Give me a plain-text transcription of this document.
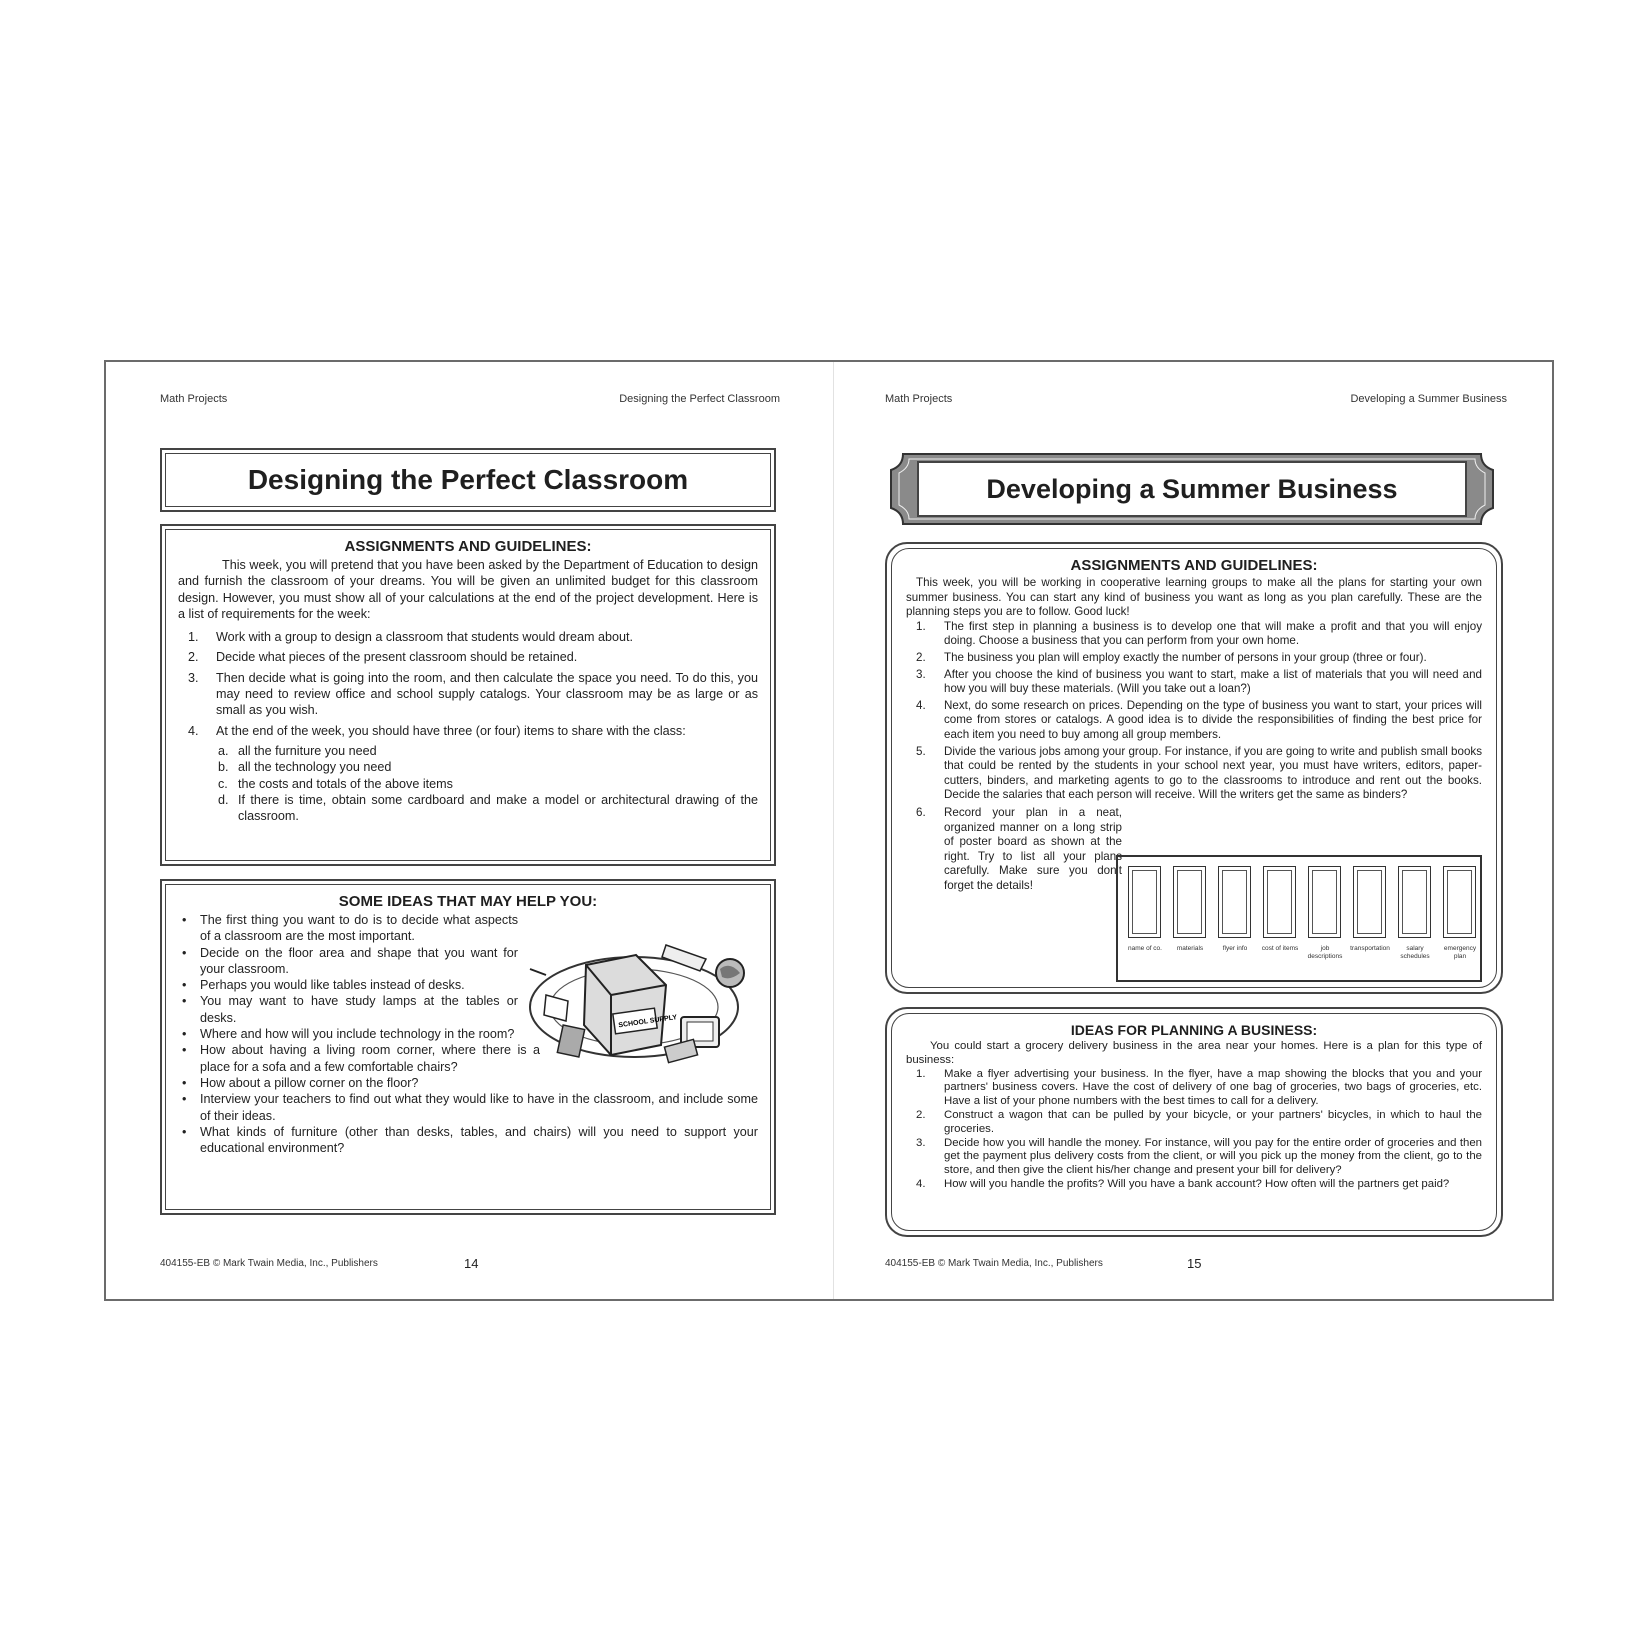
Math Projects	Designing the Perfect Classroom
Designing the Perfect Classroom
ASSIGNMENTS AND GUIDELINES:
This week, you will pretend that you have been asked by the Department of Education to design and furnish the classroom of your dreams. You will be given an unlimited budget for this classroom design. However, you must show all of your calculations at the end of the project development. Here is a list of requirements for the week:
1. Work with a group to design a classroom that students would dream about.
2. Decide what pieces of the present classroom should be retained.
3. Then decide what is going into the room, and then calculate the space you need. To do this, you may need to review office and school supply catalogs. Your classroom may be as large or as small as you wish.
4. At the end of the week, you should have three (or four) items to share with the class:
a. all the furniture you need
b. all the technology you need
c. the costs and totals of the above items
d. If there is time, obtain some cardboard and make a model or architectural drawing of the classroom.
SOME IDEAS THAT MAY HELP YOU:
• The first thing you want to do is to decide what aspects of a classroom are the most important.
• Decide on the floor area and shape that you want for your classroom.
• Perhaps you would like tables instead of desks.
• You may want to have study lamps at the tables or desks.
• Where and how will you include technology in the room?
• How about having a living room corner, where there is a place for a sofa and a few comfortable chairs?
• How about a pillow corner on the floor?
• Interview your teachers to find out what they would like to have in the classroom, and include some of their ideas.
• What kinds of furniture (other than desks, tables, and chairs) will you need to support your educational environment?
SCHOOL SUPPLY
404155-EB © Mark Twain Media, Inc., Publishers	14
Math Projects	Developing a Summer Business
Developing a Summer Business
ASSIGNMENTS AND GUIDELINES:
This week, you will be working in cooperative learning groups to make all the plans for starting your own summer business. You can start any kind of business you want as long as you plan carefully. These are the planning steps you are to follow. Good luck!
1. The first step in planning a business is to develop one that will make a profit and that you will enjoy doing. Choose a business that you can perform from your own home.
2. The business you plan will employ exactly the number of persons in your group (three or four).
3. After you choose the kind of business you want to start, make a list of materials that you will need and how you will buy these materials. (Will you take out a loan?)
4. Next, do some research on prices. Depending on the type of business you want to start, your prices will come from stores or catalogs. A good idea is to divide the responsibilities of finding the best price for each item you need to buy among all group members.
5. Divide the various jobs among your group. For instance, if you are going to write and publish small books that could be rented by the students in your school next year, you must have writers, editors, paper-cutters, binders, and marketing agents to go to the classrooms to introduce and rent out the books. Decide the salaries that each person will receive. Will the writers get the same as binders?
6. Record your plan in a neat, organized manner on a long strip of poster board as shown at the right. Try to list all your plans carefully. Make sure you don't forget the details!
name of co.	materials	flyer info	cost of items	job descriptions
transportation	salary schedules
emergency plan
IDEAS FOR PLANNING A BUSINESS:
You could start a grocery delivery business in the area near your homes. Here is a plan for this type of business:
1. Make a flyer advertising your business. In the flyer, have a map showing the blocks that you and your partners' business covers. Have the cost of delivery of one bag of groceries, two bags of groceries, etc. Have a list of your phone numbers with the best times to call for a delivery.
2. Construct a wagon that can be pulled by your bicycle, or your partners' bicycles, in which to haul the groceries.
3. Decide how you will handle the money. For instance, will you pay for the entire order of groceries and then get the payment plus delivery costs from the client, or will you pick up the money from the client, go to the store, and then give the client his/her change and present your bill for delivery?
4. How will you handle the profits? Will you have a bank account? How often will the partners get paid?
404155-EB © Mark Twain Media, Inc., Publishers	15
